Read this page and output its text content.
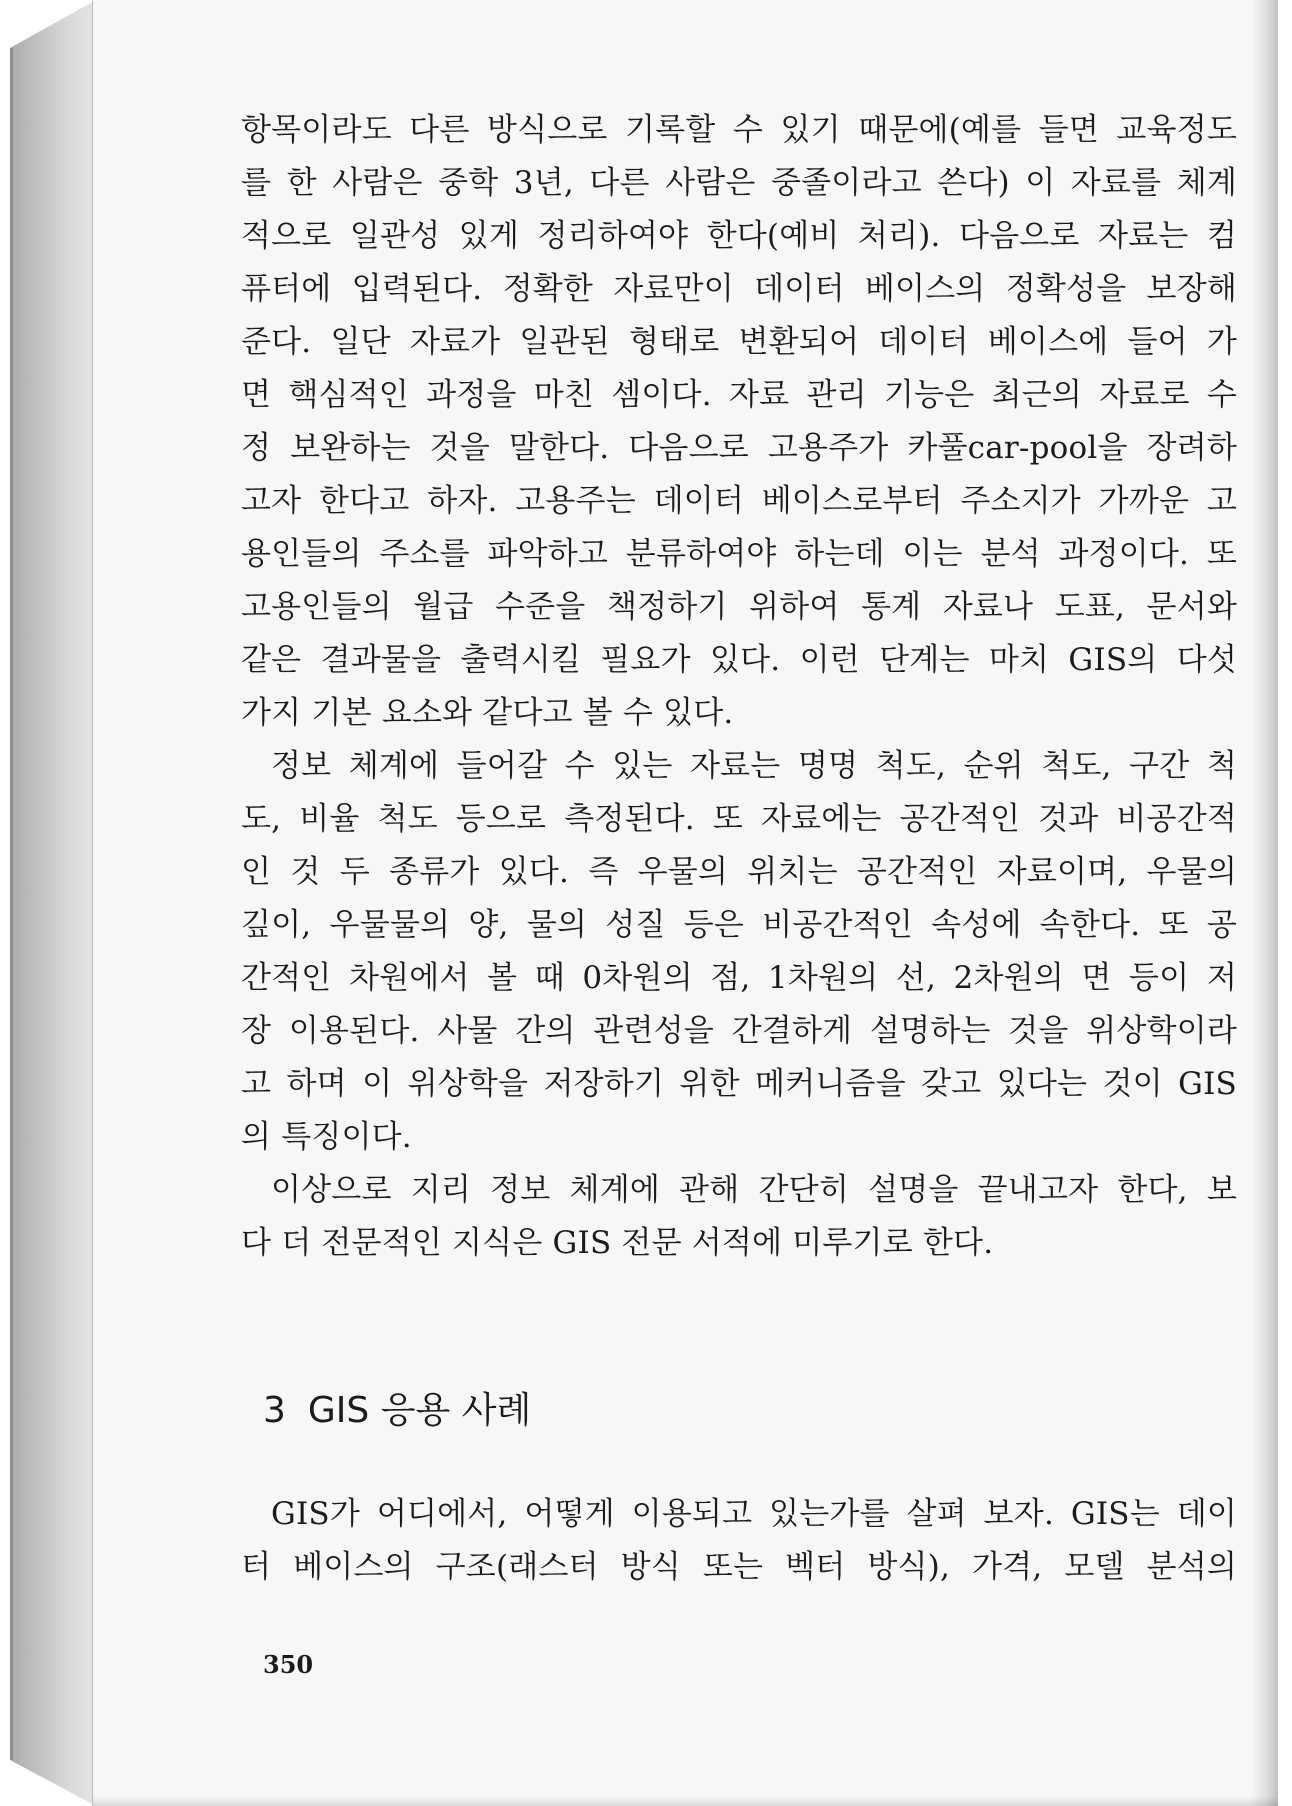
항목이라도 다른 방식으로 기록할 수 있기 때문에(예를 들면 교육정도
를 한 사람은 중학 3년, 다른 사람은 중졸이라고 쓴다) 이 자료를 체계
적으로 일관성 있게 정리하여야 한다(예비 처리). 다음으로 자료는 컴
퓨터에 입력된다. 정확한 자료만이 데이터 베이스의 정확성을 보장해
준다. 일단 자료가 일관된 형태로 변환되어 데이터 베이스에 들어 가
면 핵심적인 과정을 마친 셈이다. 자료 관리 기능은 최근의 자료로 수
정 보완하는 것을 말한다. 다음으로 고용주가 카풀car-pool을 장려하
고자 한다고 하자. 고용주는 데이터 베이스로부터 주소지가 가까운 고
용인들의 주소를 파악하고 분류하여야 하는데 이는 분석 과정이다. 또
고용인들의 월급 수준을 책정하기 위하여 통계 자료나 도표, 문서와
같은 결과물을 출력시킬 필요가 있다. 이런 단계는 마치 GIS의 다섯
가지 기본 요소와 같다고 볼 수 있다.
정보 체계에 들어갈 수 있는 자료는 명명 척도, 순위 척도, 구간 척
도, 비율 척도 등으로 측정된다. 또 자료에는 공간적인 것과 비공간적
인 것 두 종류가 있다. 즉 우물의 위치는 공간적인 자료이며, 우물의
깊이, 우물물의 양, 물의 성질 등은 비공간적인 속성에 속한다. 또 공
간적인 차원에서 볼 때 0차원의 점, 1차원의 선, 2차원의 면 등이 저
장 이용된다. 사물 간의 관련성을 간결하게 설명하는 것을 위상학이라
고 하며 이 위상학을 저장하기 위한 메커니즘을 갖고 있다는 것이 GIS
의 특징이다.
이상으로 지리 정보 체계에 관해 간단히 설명을 끝내고자 한다, 보
다 더 전문적인 지식은 GIS 전문 서적에 미루기로 한다.
3 GIS 응용 사례
GIS가 어디에서, 어떻게 이용되고 있는가를 살펴 보자. GIS는 데이
터 베이스의 구조(래스터 방식 또는 벡터 방식), 가격, 모델 분석의
350
